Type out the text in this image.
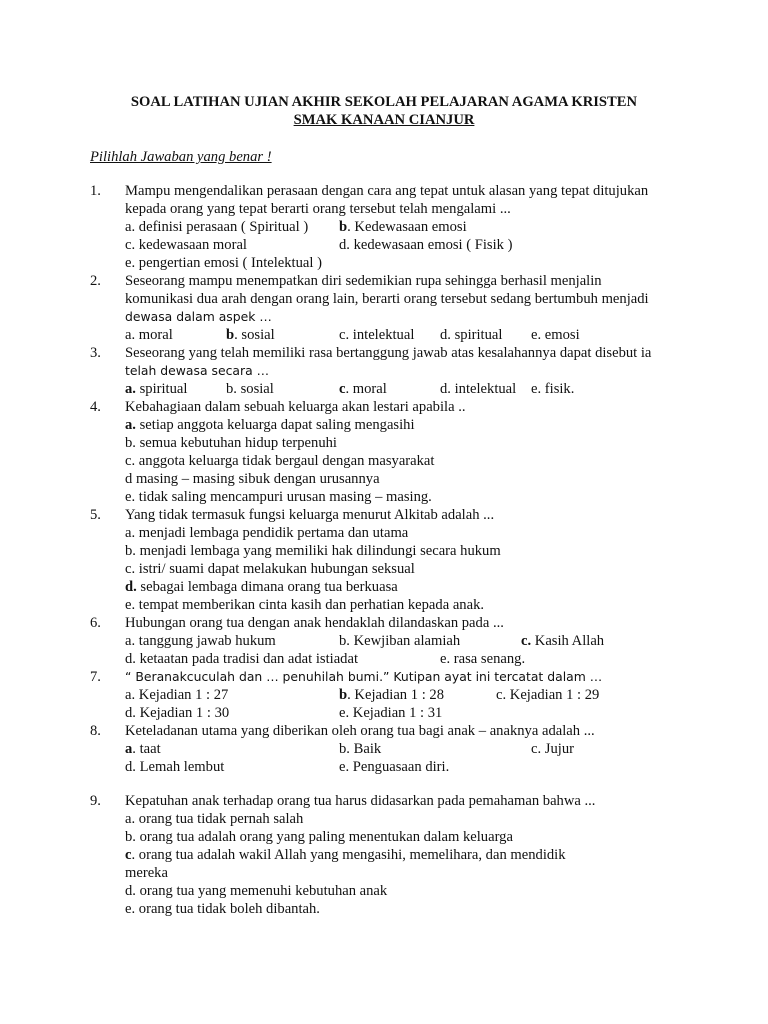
SOAL LATIHAN UJIAN AKHIR SEKOLAH PELAJARAN AGAMA KRISTEN
SMAK KANAAN CIANJUR
Pilihlah Jawaban yang benar !
1. Mampu mengendalikan perasaan dengan cara ang tepat untuk alasan yang tepat ditujukan
kepada orang yang tepat berarti orang tersebut telah mengalami ...
a. definisi perasaan ( Spiritual ) b. Kedewasaan emosi
c. kedewasaan moral	d. kedewasaan emosi ( Fisik )
e. pengertian emosi ( Intelektual )
2. Seseorang mampu menempatkan diri sedemikian rupa sehingga berhasil menjalin
komunikasi dua arah dengan orang lain, berarti orang tersebut sedang bertumbuh menjadi
dewasa dalam aspek …
a. moral	b. sosial	c. intelektual d. spiritual e. emosi
3. Seseorang yang telah memiliki rasa bertanggung jawab atas kesalahannya dapat disebut ia
telah dewasa secara …
a. spiritual	b. sosial	c. moral	d. intelektual e. fisik.
4. Kebahagiaan dalam sebuah keluarga akan lestari apabila ..
a. setiap anggota keluarga dapat saling mengasihi
b. semua kebutuhan hidup terpenuhi
c. anggota keluarga tidak bergaul dengan masyarakat
d masing – masing sibuk dengan urusannya
e. tidak saling mencampuri urusan masing – masing.
5. Yang tidak termasuk fungsi keluarga menurut Alkitab adalah ...
a. menjadi lembaga pendidik pertama dan utama
b. menjadi lembaga yang memiliki hak dilindungi secara hukum
c. istri/ suami dapat melakukan hubungan seksual
d. sebagai lembaga dimana orang tua berkuasa
e. tempat memberikan cinta kasih dan perhatian kepada anak.
6. Hubungan orang tua dengan anak hendaklah dilandaskan pada ...
a. tanggung jawab hukum	b. Kewjiban alamiah	c. Kasih Allah
d. ketaatan pada tradisi dan adat istiadat	e. rasa senang.
7. “ Beranakcuculah dan … penuhilah bumi.” Kutipan ayat ini tercatat dalam …
a. Kejadian 1 : 27	b. Kejadian 1 : 28	c. Kejadian 1 : 29
d. Kejadian 1 : 30	e. Kejadian 1 : 31
8. Keteladanan utama yang diberikan oleh orang tua bagi anak – anaknya adalah ...
a. taat	b. Baik	c. Jujur
d. Lemah lembut	e. Penguasaan diri.
9. Kepatuhan anak terhadap orang tua harus didasarkan pada pemahaman bahwa ...
a. orang tua tidak pernah salah
b. orang tua adalah orang yang paling menentukan dalam keluarga
c. orang tua adalah wakil Allah yang mengasihi, memelihara, dan mendidik
mereka
d. orang tua yang memenuhi kebutuhan anak
e. orang tua tidak boleh dibantah.
